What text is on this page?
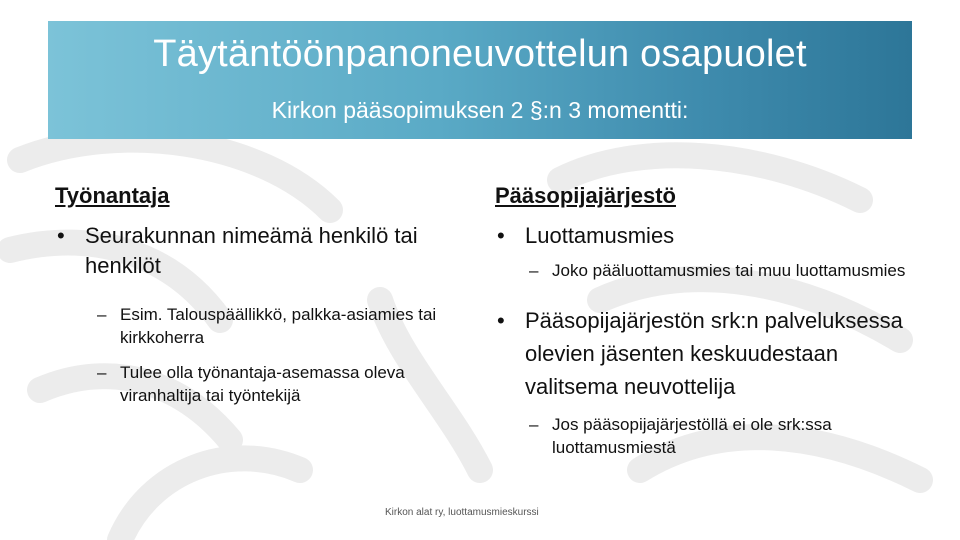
Täytäntöönpanoneuvottelun osapuolet
Kirkon pääsopimuksen 2 §:n 3 momentti:
Työnantaja
• Seurakunnan nimeämä henkilö tai henkilöt
– Esim. Talouspäällikkö, palkka-asiamies tai kirkkoherra
– Tulee olla työnantaja-asemassa oleva viranhaltija tai työntekijä
Pääsopijajärjestö
• Luottamusmies
– Joko pääluottamusmies tai muu luottamusmies
• Pääsopijajärjestön srk:n palveluksessa olevien jäsenten keskuudestaan valitsema neuvottelija
– Jos pääsopijajärjestöllä ei ole srk:ssa luottamusmiestä
Kirkon alat ry, luottamusmieskurssi
